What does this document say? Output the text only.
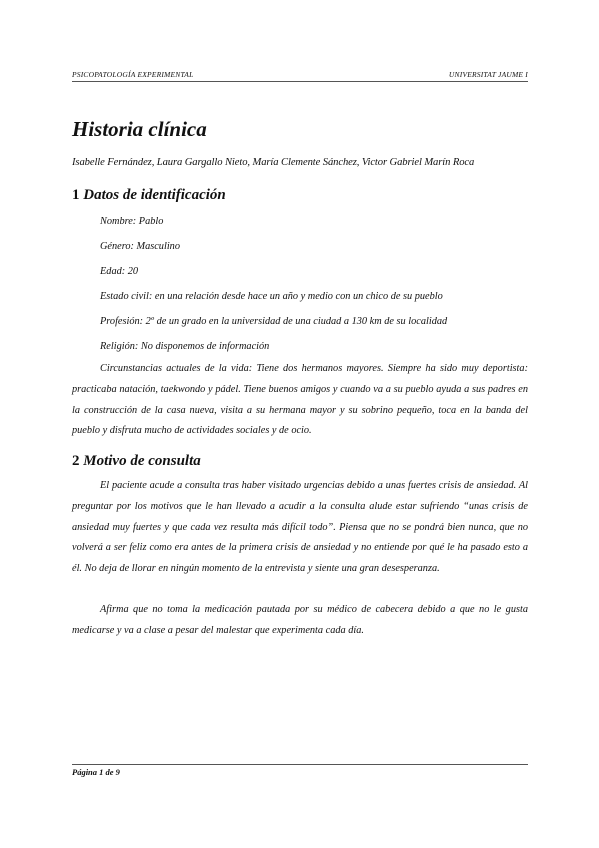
PSICOPATOLOGÍA EXPERIMENTAL	UNIVERSITAT JAUME I
Historia clínica

Isabelle Fernández, Laura Gargallo Nieto, María Clemente Sánchez, Victor Gabriel Marín Roca

1 Datos de identificación

Nombre: Pablo

Género: Masculino

Edad: 20

Estado civil: en una relación desde hace un año y medio con un chico de su pueblo

Profesión: 2º de un grado en la universidad de una ciudad a 130 km de su localidad

Religión: No disponemos de información

Circunstancias actuales de la vida: Tiene dos hermanos mayores. Siempre ha sido muy deportista: practicaba natación, taekwondo y pádel. Tiene buenos amigos y cuando va a su pueblo ayuda a sus padres en la construcción de la casa nueva, visita a su hermana mayor y su sobrino pequeño, toca en la banda del pueblo y disfruta mucho de actividades sociales y de ocio.

2 Motivo de consulta

El paciente acude a consulta tras haber visitado urgencias debido a unas fuertes crisis de ansiedad. Al preguntar por los motivos que le han llevado a acudir a la consulta alude estar sufriendo “unas crisis de ansiedad muy fuertes y que cada vez resulta más difícil todo”. Piensa que no se pondrá bien nunca, que no volverá a ser feliz como era antes de la primera crisis de ansiedad y no entiende por qué le ha pasado esto a él. No deja de llorar en ningún momento de la entrevista y siente una gran desesperanza.

Afirma que no toma la medicación pautada por su médico de cabecera debido a que no le gusta medicarse y va a clase a pesar del malestar que experimenta cada día.

Página 1 de 9
